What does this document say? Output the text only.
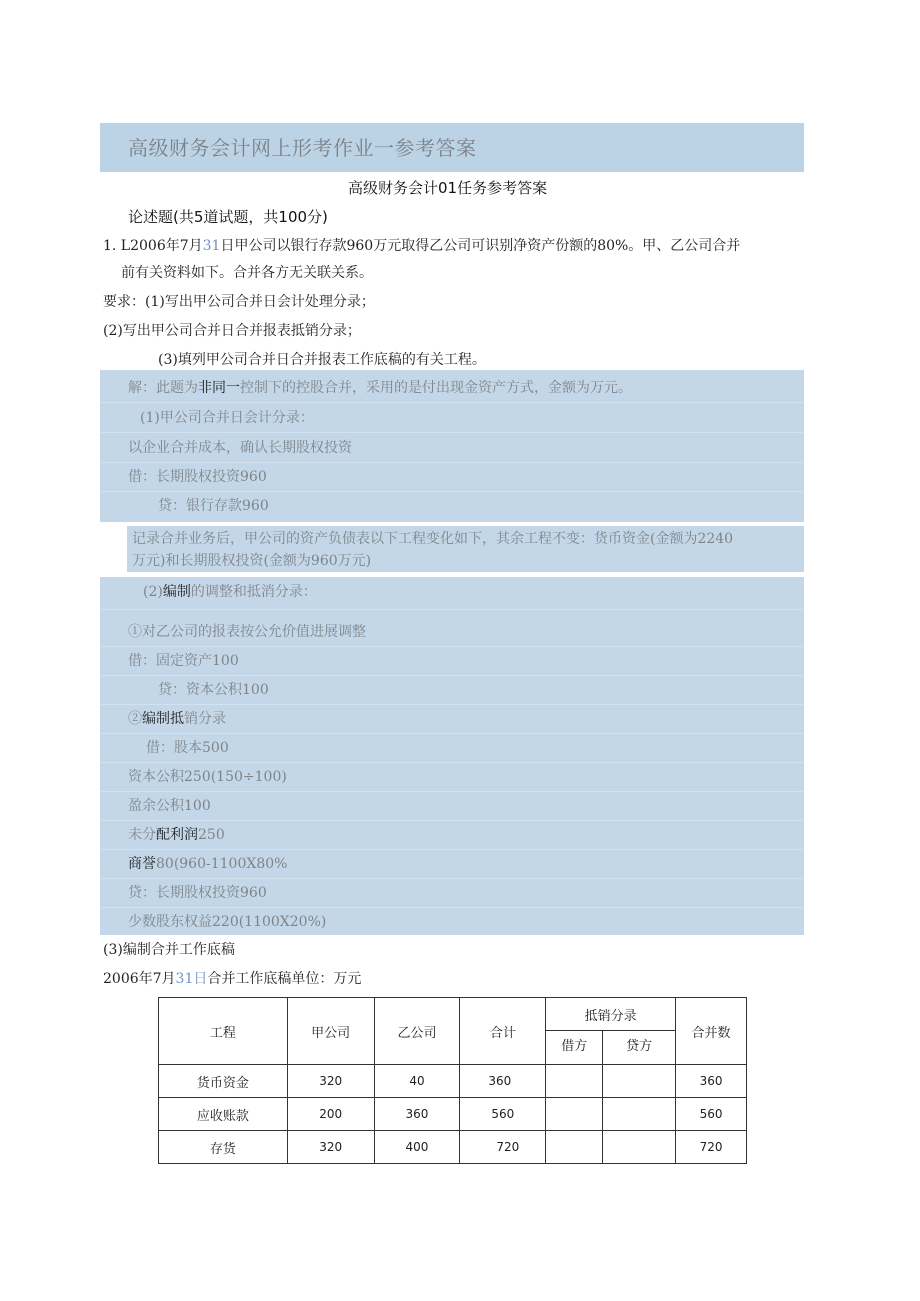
高级财务会计网上形考作业一参考答案
高级财务会计01任务参考答案
论述题(共5道试题，共100分)
1. L2006年7月31日甲公司以银行存款960万元取得乙公司可识别净资产份额的80%。甲、乙公司合并
前有关资料如下。合并各方无关联关系。
要求：(1)写出甲公司合并日会计处理分录；
(2)写出甲公司合并日合并报表抵销分录；
(3)填列甲公司合并日合并报表工作底稿的有关工程。
解：此题为非同一控制下的控股合并，采用的是付出现金资产方式，金额为万元。
(1)甲公司合并日会计分录：
以企业合并成本，确认长期股权投资
借：长期股权投资960
贷：银行存款960
记录合并业务后，甲公司的资产负债表以下工程变化如下，其余工程不变：货币资金(金额为2240
万元)和长期股权投资(金额为960万元)
(2)编制的调整和抵消分录：
①对乙公司的报表按公允价值进展调整
借：固定资产100
贷：资本公积100
②编制抵销分录
借：股本500
资本公积250(150÷100)
盈余公积100
未分配利润250
商誉80(960-1100X80%
贷：长期股权投资960
少数股东权益220(1100X20%)
(3)编制合并工作底稿
2006年7月31日合并工作底稿单位：万元
工程	甲公司	乙公司	合计	抵销分录		合并数
				借方	贷方	
货币资金	320	40	360			360
应收账款	200	360	560			560
存货	320	400	720			720
